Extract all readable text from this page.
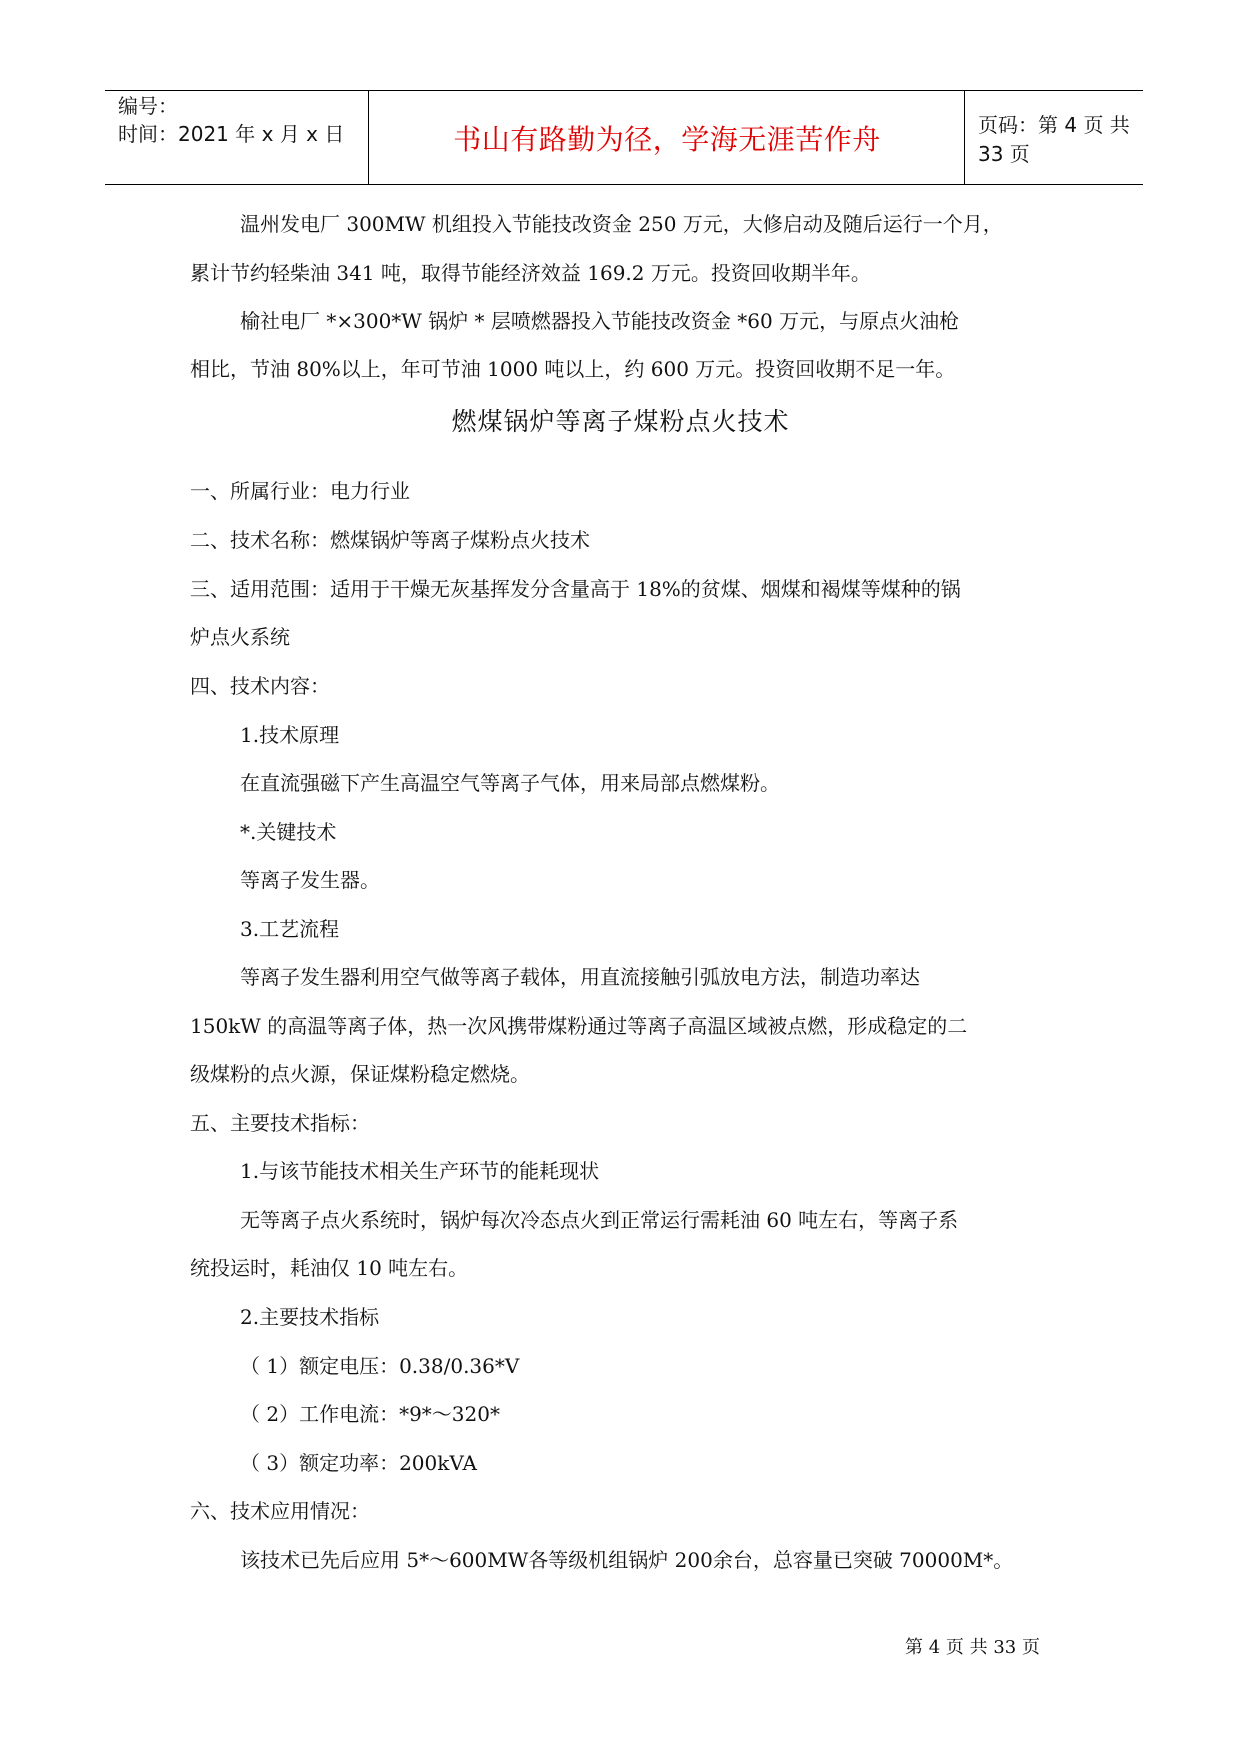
编号：
时间：2021 年 x 月 x 日	书山有路勤为径，学海无涯苦作舟	页码：第 4 页 共 33 页
温州发电厂 300MW 机组投入节能技改资金 250 万元，大修启动及随后运行一个月，
累计节约轻柴油 341 吨，取得节能经济效益 169.2 万元。投资回收期半年。
榆社电厂 *×300*W 锅炉 * 层喷燃器投入节能技改资金 *60 万元，与原点火油枪
相比，节油 80%以上，年可节油 1000 吨以上，约 600 万元。投资回收期不足一年。
燃煤锅炉等离子煤粉点火技术
一、所属行业：电力行业
二、技术名称：燃煤锅炉等离子煤粉点火技术
三、适用范围：适用于干燥无灰基挥发分含量高于 18%的贫煤、烟煤和褐煤等煤种的锅
炉点火系统
四、技术内容：
1.技术原理
在直流强磁下产生高温空气等离子气体，用来局部点燃煤粉。
*.关键技术
等离子发生器。
3.工艺流程
等离子发生器利用空气做等离子载体，用直流接触引弧放电方法，制造功率达
150kW 的高温等离子体，热一次风携带煤粉通过等离子高温区域被点燃，形成稳定的二
级煤粉的点火源，保证煤粉稳定燃烧。
五、主要技术指标：
1.与该节能技术相关生产环节的能耗现状
无等离子点火系统时，锅炉每次冷态点火到正常运行需耗油 60 吨左右，等离子系
统投运时，耗油仅 10 吨左右。
2.主要技术指标
（ 1）额定电压：0.38/0.36*V
（ 2）工作电流：*9*～320*
（ 3）额定功率：200kVA
六、技术应用情况：
该技术已先后应用 5*～600MW各等级机组锅炉 200余台，总容量已突破 70000M*。
第 4 页 共 33 页
